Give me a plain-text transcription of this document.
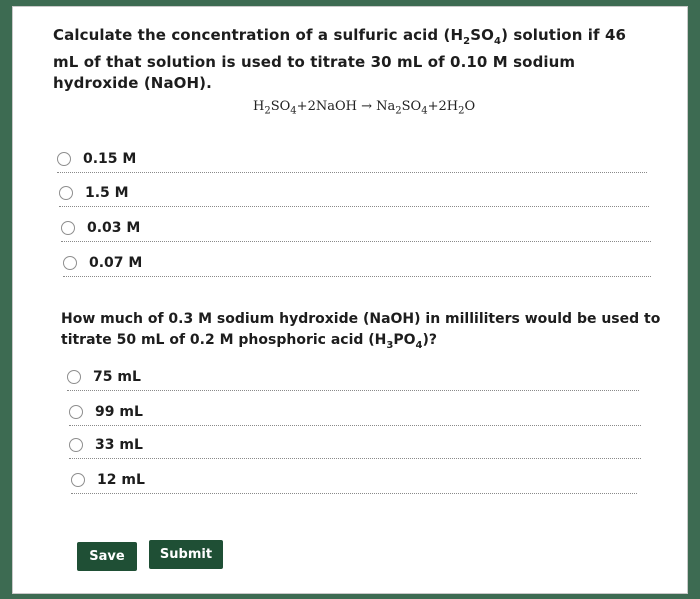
Calculate the concentration of a sulfuric acid $(H_2SO_4)$ solution if 46 mL of that solution is used to titrate 30 mL of 0.10 M sodium hydroxide (NaOH).
$H_2SO_4+2NaOH \to Na_2SO_4+2H_2O$
0.15 M
1.5 M
0.03 M
0.07 M
How much of 0.3 M sodium hydroxide (NaOH) in milliliters would be used to titrate 50 mL of 0.2 M phosphoric acid $(H_3PO_4)$?
75 mL
99 mL
33 mL
12 mL
Save	Submit
